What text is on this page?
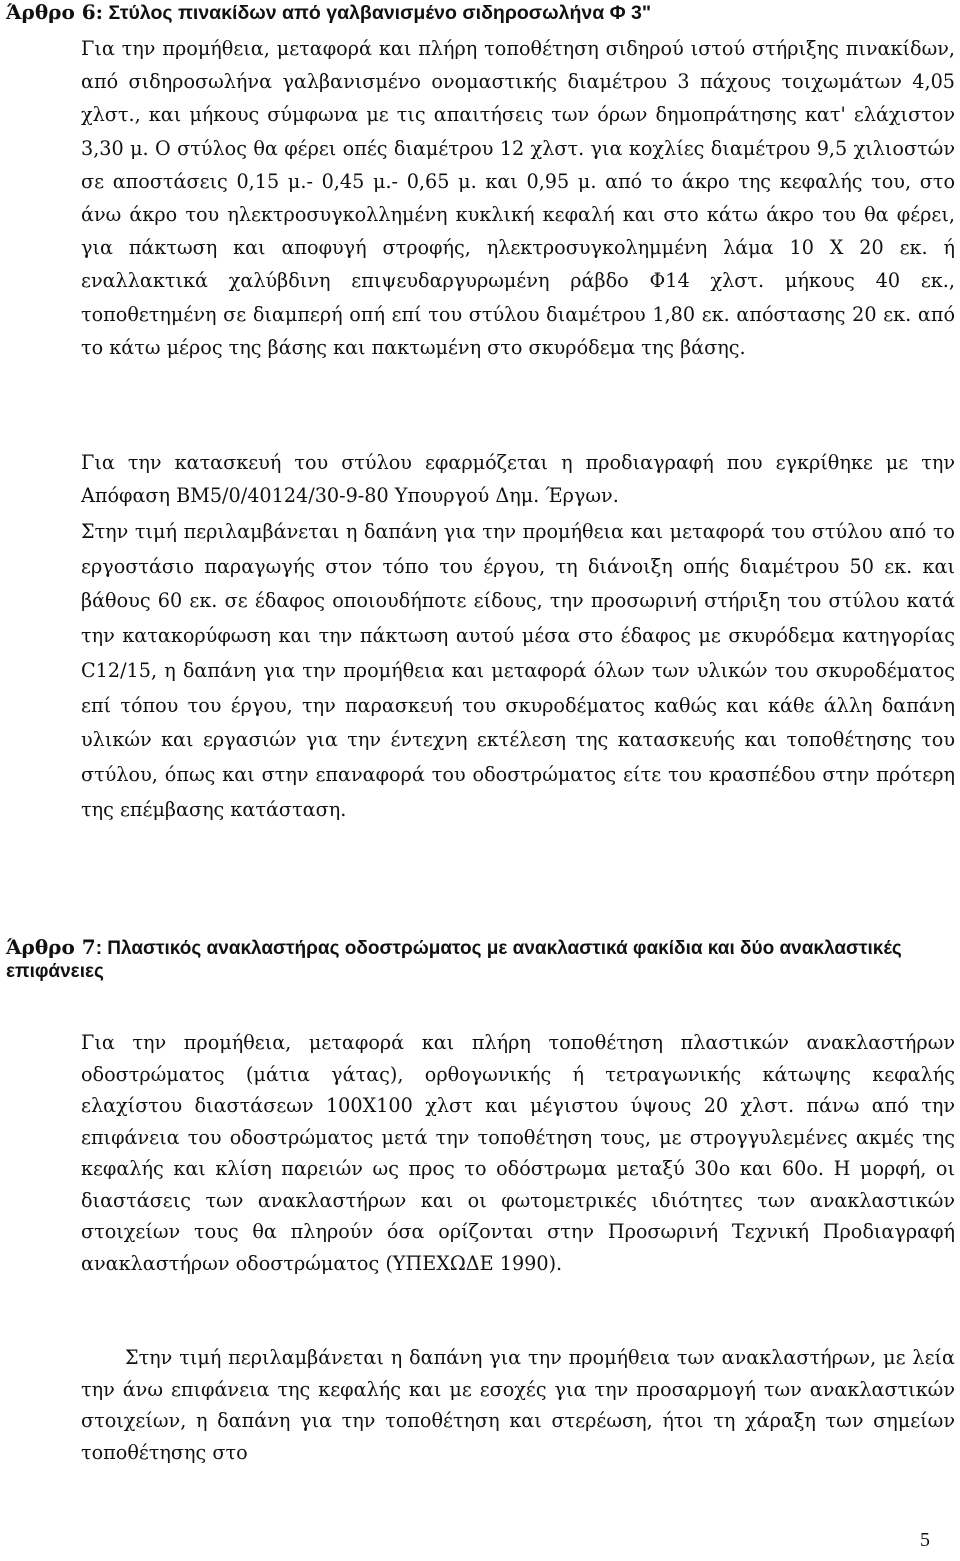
Άρθρο 6: Στύλος πινακίδων από γαλβανισμένο σιδηροσωλήνα Φ 3"

Για την προμήθεια, μεταφορά και πλήρη τοποθέτηση σιδηρού ιστού στήριξης πινακίδων, από σιδηροσωλήνα γαλβανισμένο ονομαστικής διαμέτρου 3 πάχους τοιχωμάτων 4,05 χλστ., και μήκους σύμφωνα με τις απαιτήσεις των όρων δημοπράτησης κατ' ελάχιστον 3,30 μ. Ο στύλος θα φέρει οπές διαμέτρου 12 χλστ. για κοχλίες διαμέτρου 9,5 χιλιοστών σε αποστάσεις 0,15 μ.- 0,45 μ.- 0,65 μ. και 0,95 μ. από το άκρο της κεφαλής του, στο άνω άκρο του ηλεκτροσυγκολλημένη κυκλική κεφαλή και στο κάτω άκρο του θα φέρει, για πάκτωση και αποφυγή στροφής, ηλεκτροσυγκολημμένη λάμα 10 Χ 20 εκ. ή εναλλακτικά χαλύβδινη επιψευδαργυρωμένη ράβδο Φ14 χλστ. μήκους 40 εκ., τοποθετημένη σε διαμπερή οπή επί του στύλου διαμέτρου 1,80 εκ. απόστασης 20 εκ. από το κάτω μέρος της βάσης και πακτωμένη στο σκυρόδεμα της βάσης.

Για την κατασκευή του στύλου εφαρμόζεται η προδιαγραφή που εγκρίθηκε με την Απόφαση ΒΜ5/0/40124/30-9-80 Υπουργού Δημ. Έργων.

Στην τιμή περιλαμβάνεται η δαπάνη για την προμήθεια και μεταφορά του στύλου από το εργοστάσιο παραγωγής στον τόπο του έργου, τη διάνοιξη οπής διαμέτρου 50 εκ. και βάθους 60 εκ. σε έδαφος οποιουδήποτε είδους, την προσωρινή στήριξη του στύλου κατά την κατακορύφωση και την πάκτωση αυτού μέσα στο έδαφος με σκυρόδεμα κατηγορίας C12/15, η δαπάνη για την προμήθεια και μεταφορά όλων των υλικών του σκυροδέματος επί τόπου του έργου, την παρασκευή του σκυροδέματος καθώς και κάθε άλλη δαπάνη υλικών και εργασιών για την έντεχνη εκτέλεση της κατασκευής και τοποθέτησης του στύλου, όπως και στην επαναφορά του οδοστρώματος είτε του κρασπέδου στην πρότερη της επέμβασης κατάσταση.

Άρθρο 7: Πλαστικός ανακλαστήρας οδοστρώματος με ανακλαστικά φακίδια και δύο ανακλαστικές επιφάνειες

Για την προμήθεια, μεταφορά και πλήρη τοποθέτηση πλαστικών ανακλαστήρων οδοστρώματος (μάτια γάτας), ορθογωνικής ή τετραγωνικής κάτωψης κεφαλής ελαχίστου διαστάσεων 100Χ100 χλστ και μέγιστου ύψους 20 χλστ. πάνω από την επιφάνεια του οδοστρώματος μετά την τοποθέτηση τους, με στρογγυλεμένες ακμές της κεφαλής και κλίση παρειών ως προς το οδόστρωμα μεταξύ 30ο και 60ο. Η μορφή, οι διαστάσεις των ανακλαστήρων και οι φωτομετρικές ιδιότητες των ανακλαστικών στοιχείων τους θα πληρούν όσα ορίζονται στην Προσωρινή Τεχνική Προδιαγραφή ανακλαστήρων οδοστρώματος (ΥΠΕΧΩΔΕ 1990).

Στην τιμή περιλαμβάνεται η δαπάνη για την προμήθεια των ανακλαστήρων, με λεία την άνω επιφάνεια της κεφαλής και με εσοχές για την προσαρμογή των ανακλαστικών στοιχείων, η δαπάνη για την τοποθέτηση και στερέωση, ήτοι τη χάραξη των σημείων τοποθέτησης στο

5
